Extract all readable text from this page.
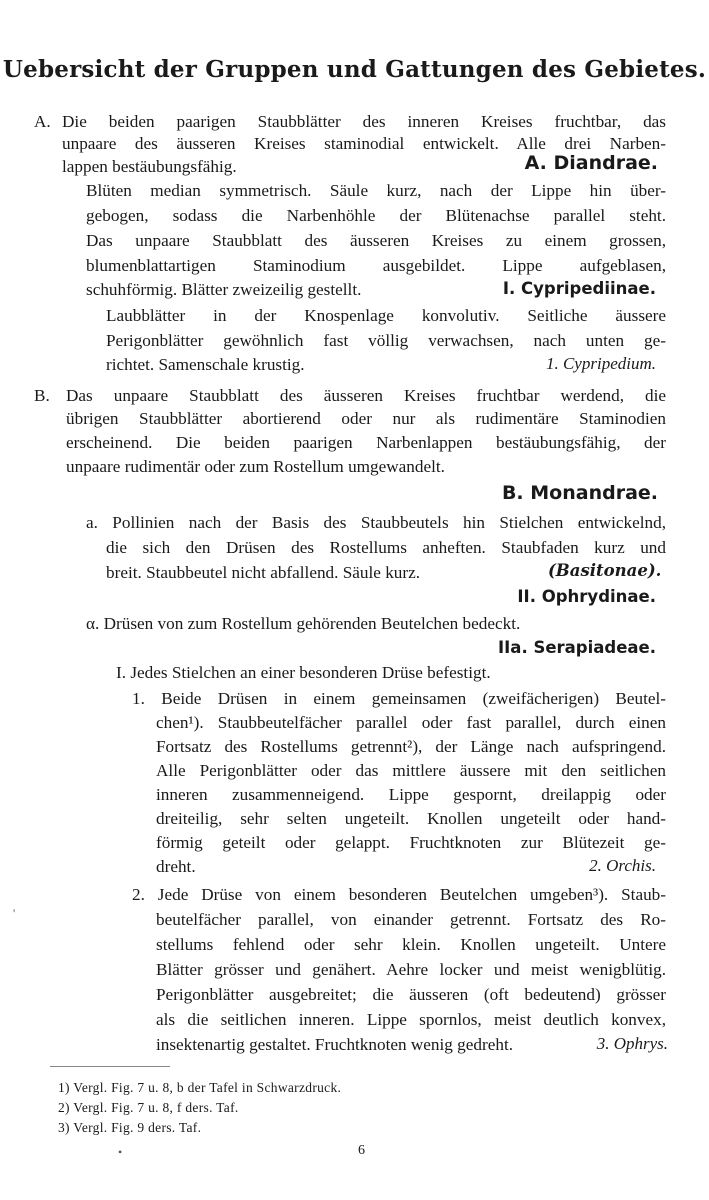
Uebersicht der Gruppen und Gattungen des Gebietes.
A. Die beiden paarigen Staubblätter des inneren Kreises fruchtbar, das
unpaare des äusseren Kreises staminodial entwickelt. Alle drei Narben-
lappen bestäubungsfähig.	A. Diandrae.
Blüten median symmetrisch. Säule kurz, nach der Lippe hin über-
gebogen, sodass die Narbenhöhle der Blütenachse parallel steht.
Das unpaare Staubblatt des äusseren Kreises zu einem grossen,
blumenblattartigen Staminodium ausgebildet. Lippe aufgeblasen,
schuhförmig. Blätter zweizeilig gestellt.	I. Cypripediinae.
Laubblätter in der Knospenlage konvolutiv. Seitliche äussere
Perigonblätter gewöhnlich fast völlig verwachsen, nach unten ge-
richtet. Samenschale krustig.	1. Cypripedium.
B. Das unpaare Staubblatt des äusseren Kreises fruchtbar werdend, die
übrigen Staubblätter abortierend oder nur als rudimentäre Staminodien
erscheinend. Die beiden paarigen Narbenlappen bestäubungsfähig, der
unpaare rudimentär oder zum Rostellum umgewandelt.
B. Monandrae.
a. Pollinien nach der Basis des Staubbeutels hin Stielchen entwickelnd,
die sich den Drüsen des Rostellums anheften. Staubfaden kurz und
breit. Staubbeutel nicht abfallend. Säule kurz.	(Basitonae).
II. Ophrydinae.
α. Drüsen von zum Rostellum gehörenden Beutelchen bedeckt.
IIa. Serapiadeae.
I. Jedes Stielchen an einer besonderen Drüse befestigt.
1. Beide Drüsen in einem gemeinsamen (zweifächerigen) Beutel-
chen¹). Staubbeutelfächer parallel oder fast parallel, durch einen
Fortsatz des Rostellums getrennt²), der Länge nach aufspringend.
Alle Perigonblätter oder das mittlere äussere mit den seitlichen
inneren zusammenneigend. Lippe gespornt, dreilappig oder
dreiteilig, sehr selten ungeteilt. Knollen ungeteilt oder hand-
förmig geteilt oder gelappt. Fruchtknoten zur Blütezeit ge-
dreht.	2. Orchis.
2. Jede Drüse von einem besonderen Beutelchen umgeben³). Staub-
beutelfächer parallel, von einander getrennt. Fortsatz des Ro-
stellums fehlend oder sehr klein. Knollen ungeteilt. Untere
Blätter grösser und genähert. Aehre locker und meist wenigblütig.
Perigonblätter ausgebreitet; die äusseren (oft bedeutend) grösser
als die seitlichen inneren. Lippe spornlos, meist deutlich konvex,
insektenartig gestaltet. Fruchtknoten wenig gedreht.	3. Ophrys.
'
1) Vergl. Fig. 7 u. 8, b der Tafel in Schwarzdruck.
2) Vergl. Fig. 7 u. 8, f ders. Taf.
3) Vergl. Fig. 9 ders. Taf.
•	6
